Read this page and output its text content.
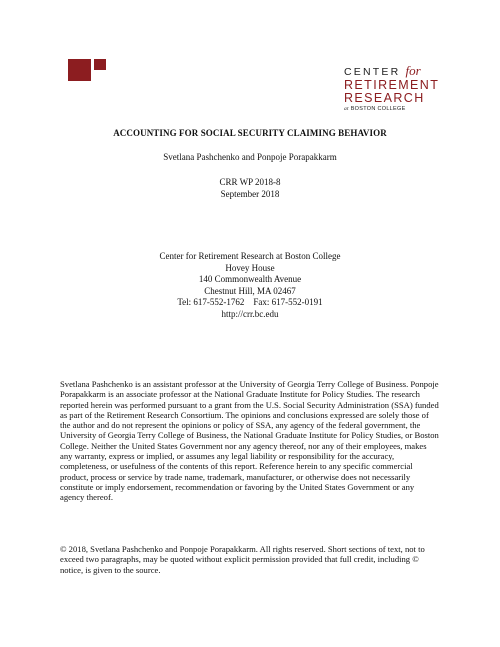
CENTER for
RETIREMENT
RESEARCH
at BOSTON COLLEGE
ACCOUNTING FOR SOCIAL SECURITY CLAIMING BEHAVIOR
Svetlana Pashchenko and Ponpoje Porapakkarm
CRR WP 2018-8
September 2018
Center for Retirement Research at Boston College
Hovey House
140 Commonwealth Avenue
Chestnut Hill, MA 02467
Tel: 617-552-1762    Fax: 617-552-0191
http://crr.bc.edu
Svetlana Pashchenko is an assistant professor at the University of Georgia Terry College of Business. Ponpoje Porapakkarm is an associate professor at the National Graduate Institute for Policy Studies. The research reported herein was performed pursuant to a grant from the U.S. Social Security Administration (SSA) funded as part of the Retirement Research Consortium. The opinions and conclusions expressed are solely those of the author and do not represent the opinions or policy of SSA, any agency of the federal government, the University of Georgia Terry College of Business, the National Graduate Institute for Policy Studies, or Boston College. Neither the United States Government nor any agency thereof, nor any of their employees, makes any warranty, express or implied, or assumes any legal liability or responsibility for the accuracy, completeness, or usefulness of the contents of this report. Reference herein to any specific commercial product, process or service by trade name, trademark, manufacturer, or otherwise does not necessarily constitute or imply endorsement, recommendation or favoring by the United States Government or any agency thereof.
© 2018, Svetlana Pashchenko and Ponpoje Porapakkarm. All rights reserved. Short sections of text, not to exceed two paragraphs, may be quoted without explicit permission provided that full credit, including © notice, is given to the source.
